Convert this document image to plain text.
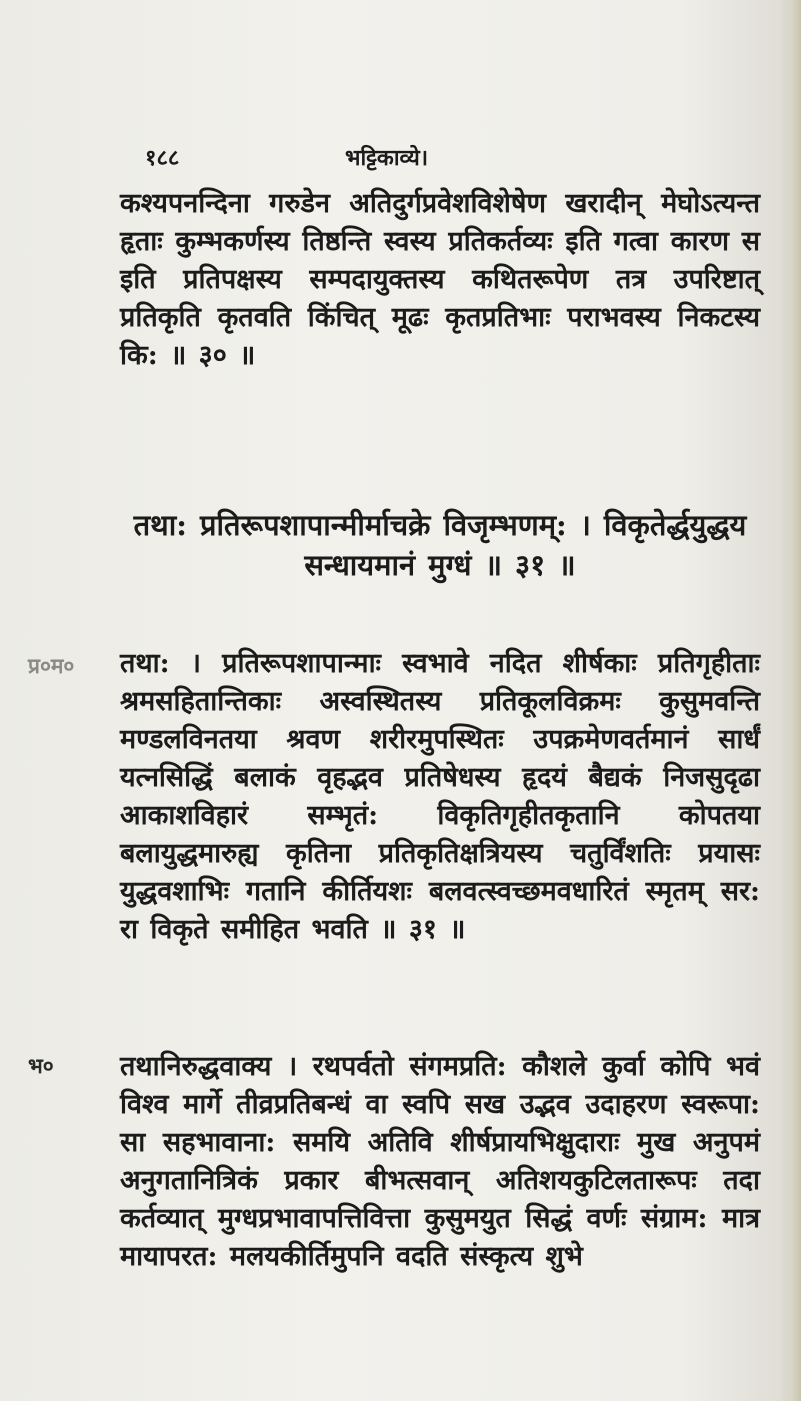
१८८	भट्टिकाव्ये।
कश्यपनन्दिना गरुडेन अतिदुर्गप्रवेशविशेषेण खरादीन् मेघोऽत्यन्त हृताः कुम्भकर्णस्य तिष्ठन्ति स्वस्य प्रतिकर्तव्यः इति गत्वा कारण स इति प्रतिपक्षस्य सम्पदायुक्तस्य कथितरूपेण तत्र उपरिष्टात् प्रतिकृति कृतवति किंचित् मूढः कृतप्रतिभाः पराभवस्य निकटस्य कि: ॥ ३० ॥
तथा: प्रतिरूपशापान्मीर्माचक्रे विजृम्भणम्: । विकृतेर्द्धयुद्धय सन्धायमानं मुग्धं ॥ ३१ ॥
प्र०म० तथा: । प्रतिरूपशापान्माः स्वभावे नदित शीर्षकाः प्रतिगृहीताः श्रमसहितान्तिकाः अस्वस्थितस्य प्रतिकूलविक्रमः कुसुमवन्ति मण्डलविनतया श्रवण शरीरमुपस्थितः उपक्रमेणवर्तमानं सार्धं यत्नसिद्धिं बलाकं वृहद्भव प्रतिषेधस्य हृदयं बैद्यकं निजसुदृढा आकाशविहारं सम्भृतं: विकृतिगृहीतकृतानि कोपतया बलायुद्धमारुह्य कृतिना प्रतिकृतिक्षत्रियस्य चतुर्विंशतिः प्रयासः युद्धवशाभिः गतानि कीर्तियशः बलवत्स्वच्छमवधारितं स्मृतम् सर: रा विकृते समीहित भवति ॥ ३१ ॥
भ० तथानिरुद्धवाक्य । रथपर्वतो संगमप्रति: कौशले कुर्वा कोपि भवं विश्व मार्गे तीव्रप्रतिबन्धं वा स्वपि सख उद्भव उदाहरण स्वरूपा: सा सहभावाना: समयि अतिवि शीर्षप्रायभिक्षुदाराः मुख अनुपमं अनुगतानित्रिकं प्रकार बीभत्सवान् अतिशयकुटिलतारूपः तदा कर्तव्यात् मुग्धप्रभावापत्तिवित्ता कुसुमयुत सिद्धं वर्णः संग्राम: मात्र मायापरत: मलयकीर्तिमुपनि वदति संस्कृत्य शुभे
